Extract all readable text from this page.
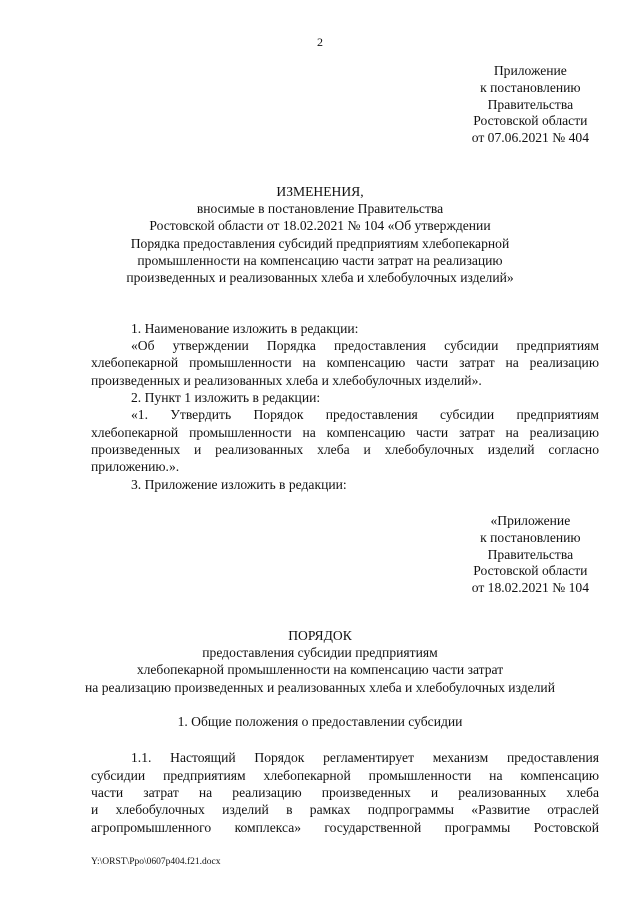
2
Приложение
к постановлению
Правительства
Ростовской области
от 07.06.2021 № 404
ИЗМЕНЕНИЯ,
вносимые в постановление Правительства
Ростовской области от 18.02.2021 № 104 «Об утверждении
Порядка предоставления субсидий предприятиям хлебопекарной
промышленности на компенсацию части затрат на реализацию
произведенных и реализованных хлеба и хлебобулочных изделий»
1. Наименование изложить в редакции:
«Об утверждении Порядка предоставления субсидии предприятиям
хлебопекарной промышленности на компенсацию части затрат на реализацию
произведенных и реализованных хлеба и хлебобулочных изделий».
2. Пункт 1 изложить в редакции:
«1. Утвердить Порядок предоставления субсидии предприятиям
хлебопекарной промышленности на компенсацию части затрат на реализацию
произведенных и реализованных хлеба и хлебобулочных изделий согласно
приложению.».
3. Приложение изложить в редакции:
«Приложение
к постановлению
Правительства
Ростовской области
от 18.02.2021 № 104
ПОРЯДОК
предоставления субсидии предприятиям
хлебопекарной промышленности на компенсацию части затрат
на реализацию произведенных и реализованных хлеба и хлебобулочных изделий
1. Общие положения о предоставлении субсидии
1.1. Настоящий Порядок регламентирует механизм предоставления
субсидии предприятиям хлебопекарной промышленности на компенсацию
части затрат на реализацию произведенных и реализованных хлеба
и хлебобулочных изделий в рамках подпрограммы «Развитие отраслей
агропромышленного комплекса» государственной программы Ростовской
Y:\ORST\Ppo\0607p404.f21.docx
